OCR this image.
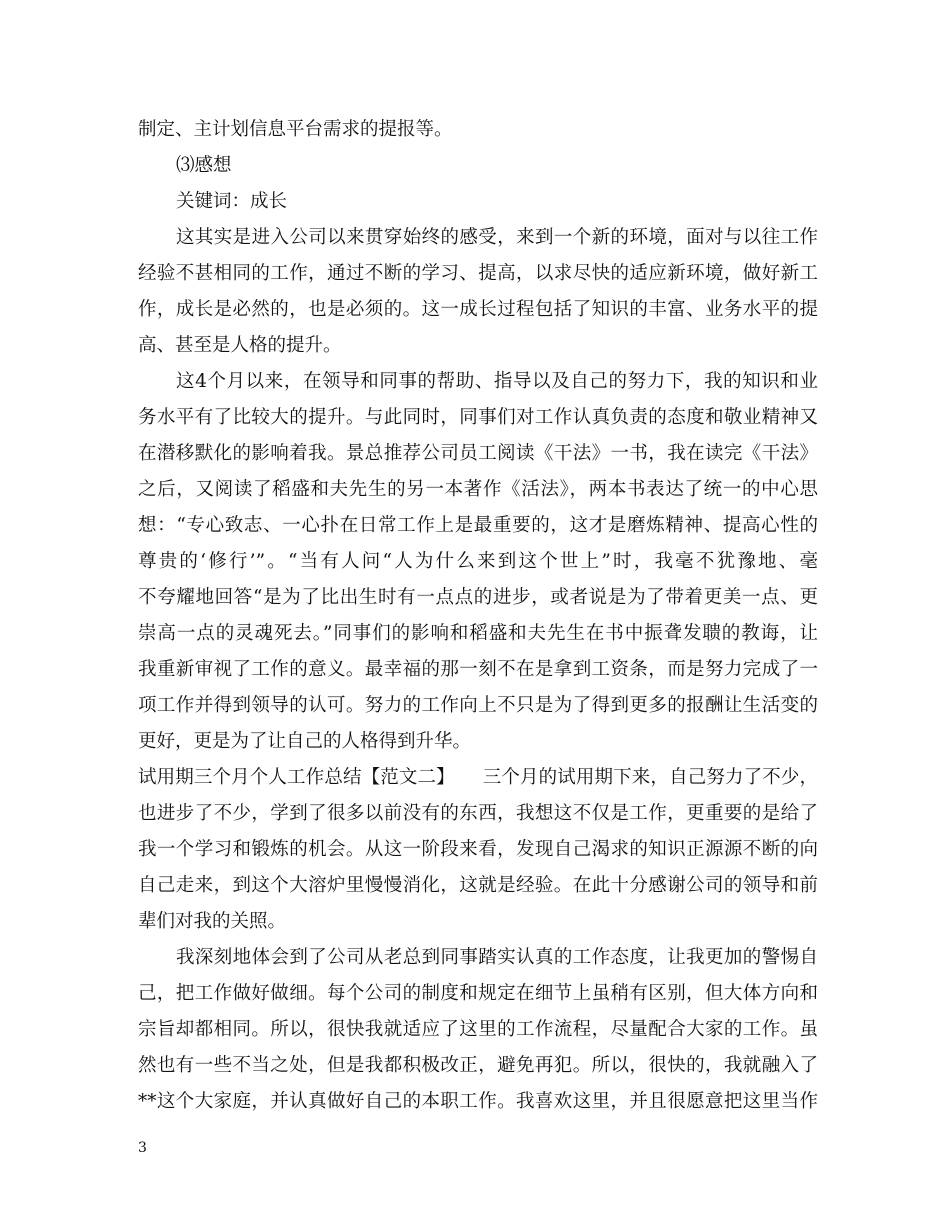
制定、主计划信息平台需求的提报等。
⑶感想
关键词：成长
这其实是进入公司以来贯穿始终的感受，来到一个新的环境，面对与以往工作
经验不甚相同的工作，通过不断的学习、提高，以求尽快的适应新环境，做好新工
作，成长是必然的，也是必须的。这一成长过程包括了知识的丰富、业务水平的提
高、甚至是人格的提升。
这4个月以来，在领导和同事的帮助、指导以及自己的努力下，我的知识和业
务水平有了比较大的提升。与此同时，同事们对工作认真负责的态度和敬业精神又
在潜移默化的影响着我。景总推荐公司员工阅读《干法》一书，我在读完《干法》
之后，又阅读了稻盛和夫先生的另一本著作《活法》，两本书表达了统一的中心思
想：“专心致志、一心扑在日常工作上是最重要的，这才是磨炼精神、提高心性的
尊贵的‘修行’”。“当有人问“人为什么来到这个世上”时，我毫不犹豫地、毫
不夸耀地回答“是为了比出生时有一点点的进步，或者说是为了带着更美一点、更
崇高一点的灵魂死去。”同事们的影响和稻盛和夫先生在书中振聋发聩的教诲，让
我重新审视了工作的意义。最幸福的那一刻不在是拿到工资条，而是努力完成了一
项工作并得到领导的认可。努力的工作向上不只是为了得到更多的报酬让生活变的
更好，更是为了让自己的人格得到升华。
试用期三个月个人工作总结【范文二】　　三个月的试用期下来，自己努力了不少，
也进步了不少，学到了很多以前没有的东西，我想这不仅是工作，更重要的是给了
我一个学习和锻炼的机会。从这一阶段来看，发现自己渴求的知识正源源不断的向
自己走来，到这个大溶炉里慢慢消化，这就是经验。在此十分感谢公司的领导和前
辈们对我的关照。
我深刻地体会到了公司从老总到同事踏实认真的工作态度，让我更加的警惕自
己，把工作做好做细。每个公司的制度和规定在细节上虽稍有区别，但大体方向和
宗旨却都相同。所以，很快我就适应了这里的工作流程，尽量配合大家的工作。虽
然也有一些不当之处，但是我都积极改正，避免再犯。所以，很快的，我就融入了
**这个大家庭，并认真做好自己的本职工作。我喜欢这里，并且很愿意把这里当作
3
